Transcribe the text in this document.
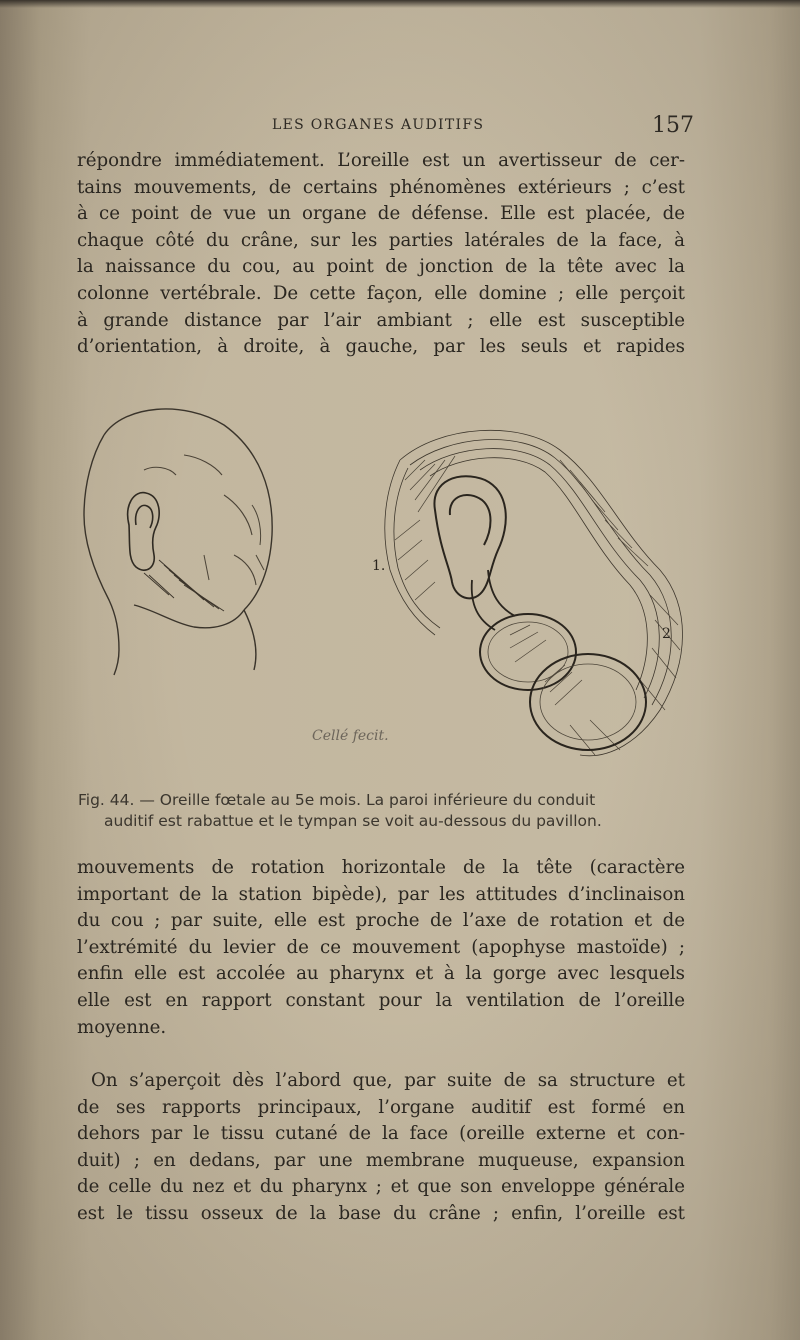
LES ORGANES AUDITIFS	157
répondre immédiatement. L’oreille est un avertisseur de cer-
tains mouvements, de certains phénomènes extérieurs ; c’est
à ce point de vue un organe de défense. Elle est placée, de
chaque côté du crâne, sur les parties latérales de la face, à
la naissance du cou, au point de jonction de la tête avec la
colonne vertébrale. De cette façon, elle domine ; elle perçoit
à grande distance par l’air ambiant ; elle est susceptible
d’orientation, à droite, à gauche, par les seuls et rapides
1.
2
Cellé fecit.
Fig. 44. — Oreille fœtale au 5e mois. La paroi inférieure du conduit
auditif est rabattue et le tympan se voit au-dessous du pavillon.
mouvements de rotation horizontale de la tête (caractère
important de la station bipède), par les attitudes d’inclinaison
du cou ; par suite, elle est proche de l’axe de rotation et de
l’extrémité du levier de ce mouvement (apophyse mastoïde) ;
enfin elle est accolée au pharynx et à la gorge avec lesquels
elle est en rapport constant pour la ventilation de l’oreille
moyenne.
On s’aperçoit dès l’abord que, par suite de sa structure et
de ses rapports principaux, l’organe auditif est formé en
dehors par le tissu cutané de la face (oreille externe et con-
duit) ; en dedans, par une membrane muqueuse, expansion
de celle du nez et du pharynx ; et que son enveloppe générale
est le tissu osseux de la base du crâne ; enfin, l’oreille est
